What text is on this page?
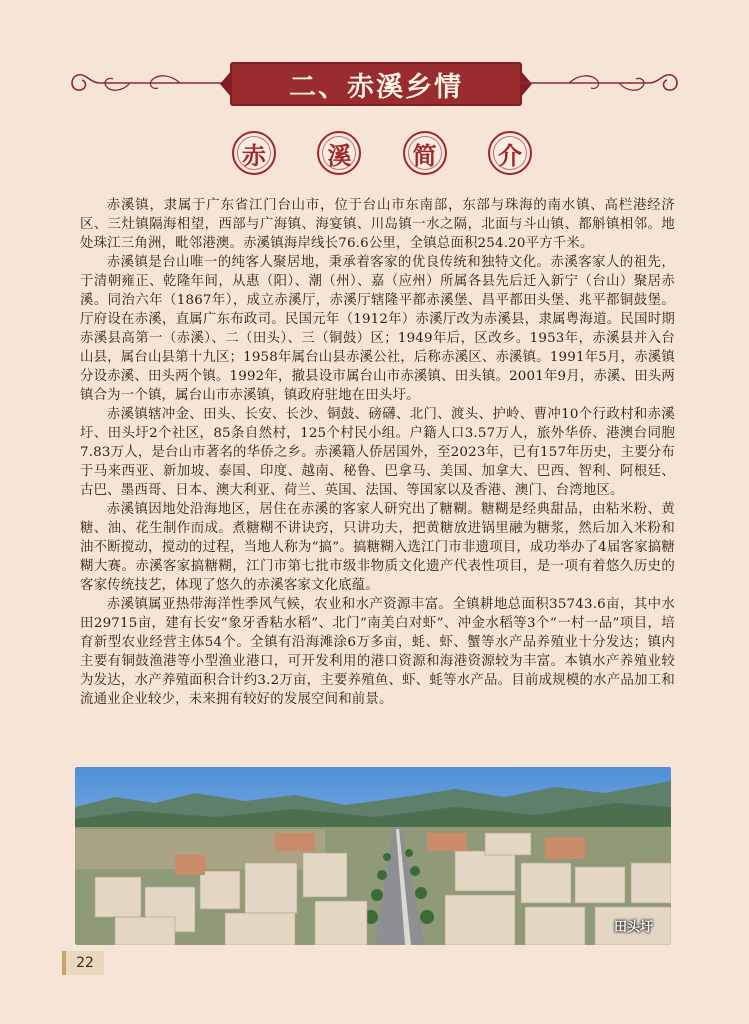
二、赤溪乡情
赤	溪	简	介

赤溪镇，隶属于广东省江门台山市，位于台山市东南部，东部与珠海的南水镇、高栏港经济区、三灶镇隔海相望，西部与广海镇、海宴镇、川岛镇一水之隔，北面与斗山镇、都斛镇相邻。地处珠江三角洲，毗邻港澳。赤溪镇海岸线长76.6公里，全镇总面积254.20平方千米。

赤溪镇是台山唯一的纯客人聚居地，秉承着客家的优良传统和独特文化。赤溪客家人的祖先，于清朝雍正、乾隆年间，从惠（阳）、潮（州）、嘉（应州）所属各县先后迁入新宁（台山）聚居赤溪。同治六年（1867年），成立赤溪厅，赤溪厅辖隆平都赤溪堡、昌平都田头堡、兆平都铜鼓堡。厅府设在赤溪，直属广东布政司。民国元年（1912年）赤溪厅改为赤溪县，隶属粤海道。民国时期赤溪县高第一（赤溪）、二（田头）、三（铜鼓）区；1949年后，区改乡。1953年，赤溪县并入台山县，属台山县第十九区；1958年属台山县赤溪公社，后称赤溪区、赤溪镇。1991年5月，赤溪镇分设赤溪、田头两个镇。1992年，撤县设市属台山市赤溪镇、田头镇。2001年9月，赤溪、田头两镇合为一个镇，属台山市赤溪镇，镇政府驻地在田头圩。

赤溪镇辖冲金、田头、长安、长沙、铜鼓、磅礴、北门、渡头、护岭、曹冲10个行政村和赤溪圩、田头圩2个社区，85条自然村，125个村民小组。户籍人口3.57万人，旅外华侨、港澳台同胞7.83万人，是台山市著名的华侨之乡。赤溪籍人侨居国外，至2023年，已有157年历史，主要分布于马来西亚、新加坡、泰国、印度、越南、秘鲁、巴拿马、美国、加拿大、巴西、智利、阿根廷、古巴、墨西哥、日本、澳大利亚、荷兰、英国、法国、等国家以及香港、澳门、台湾地区。

赤溪镇因地处沿海地区，居住在赤溪的客家人研究出了糖糊。糖糊是经典甜品，由粘米粉、黄糖、油、花生制作而成。煮糖糊不讲诀窍，只讲功夫，把黄糖放进锅里融为糖浆，然后加入米粉和油不断搅动，搅动的过程，当地人称为“搞”。搞糖糊入选江门市非遗项目，成功举办了4届客家搞糖糊大赛。赤溪客家搞糖糊，江门市第七批市级非物质文化遗产代表性项目，是一项有着悠久历史的客家传统技艺，体现了悠久的赤溪客家文化底蕴。

赤溪镇属亚热带海洋性季风气候，农业和水产资源丰富。全镇耕地总面积35743.6亩，其中水田29715亩，建有长安“象牙香粘水稻”、北门“南美白对虾”、冲金水稻等3个“一村一品”项目，培育新型农业经营主体54个。全镇有沿海滩涂6万多亩，蚝、虾、蟹等水产品养殖业十分发达；镇内主要有铜鼓渔港等小型渔业港口，可开发利用的港口资源和海港资源较为丰富。本镇水产养殖业较为发达，水产养殖面积合计约3.2万亩，主要养殖鱼、虾、蚝等水产品。目前成规模的水产品加工和流通业企业较少，未来拥有较好的发展空间和前景。

田头圩
22
